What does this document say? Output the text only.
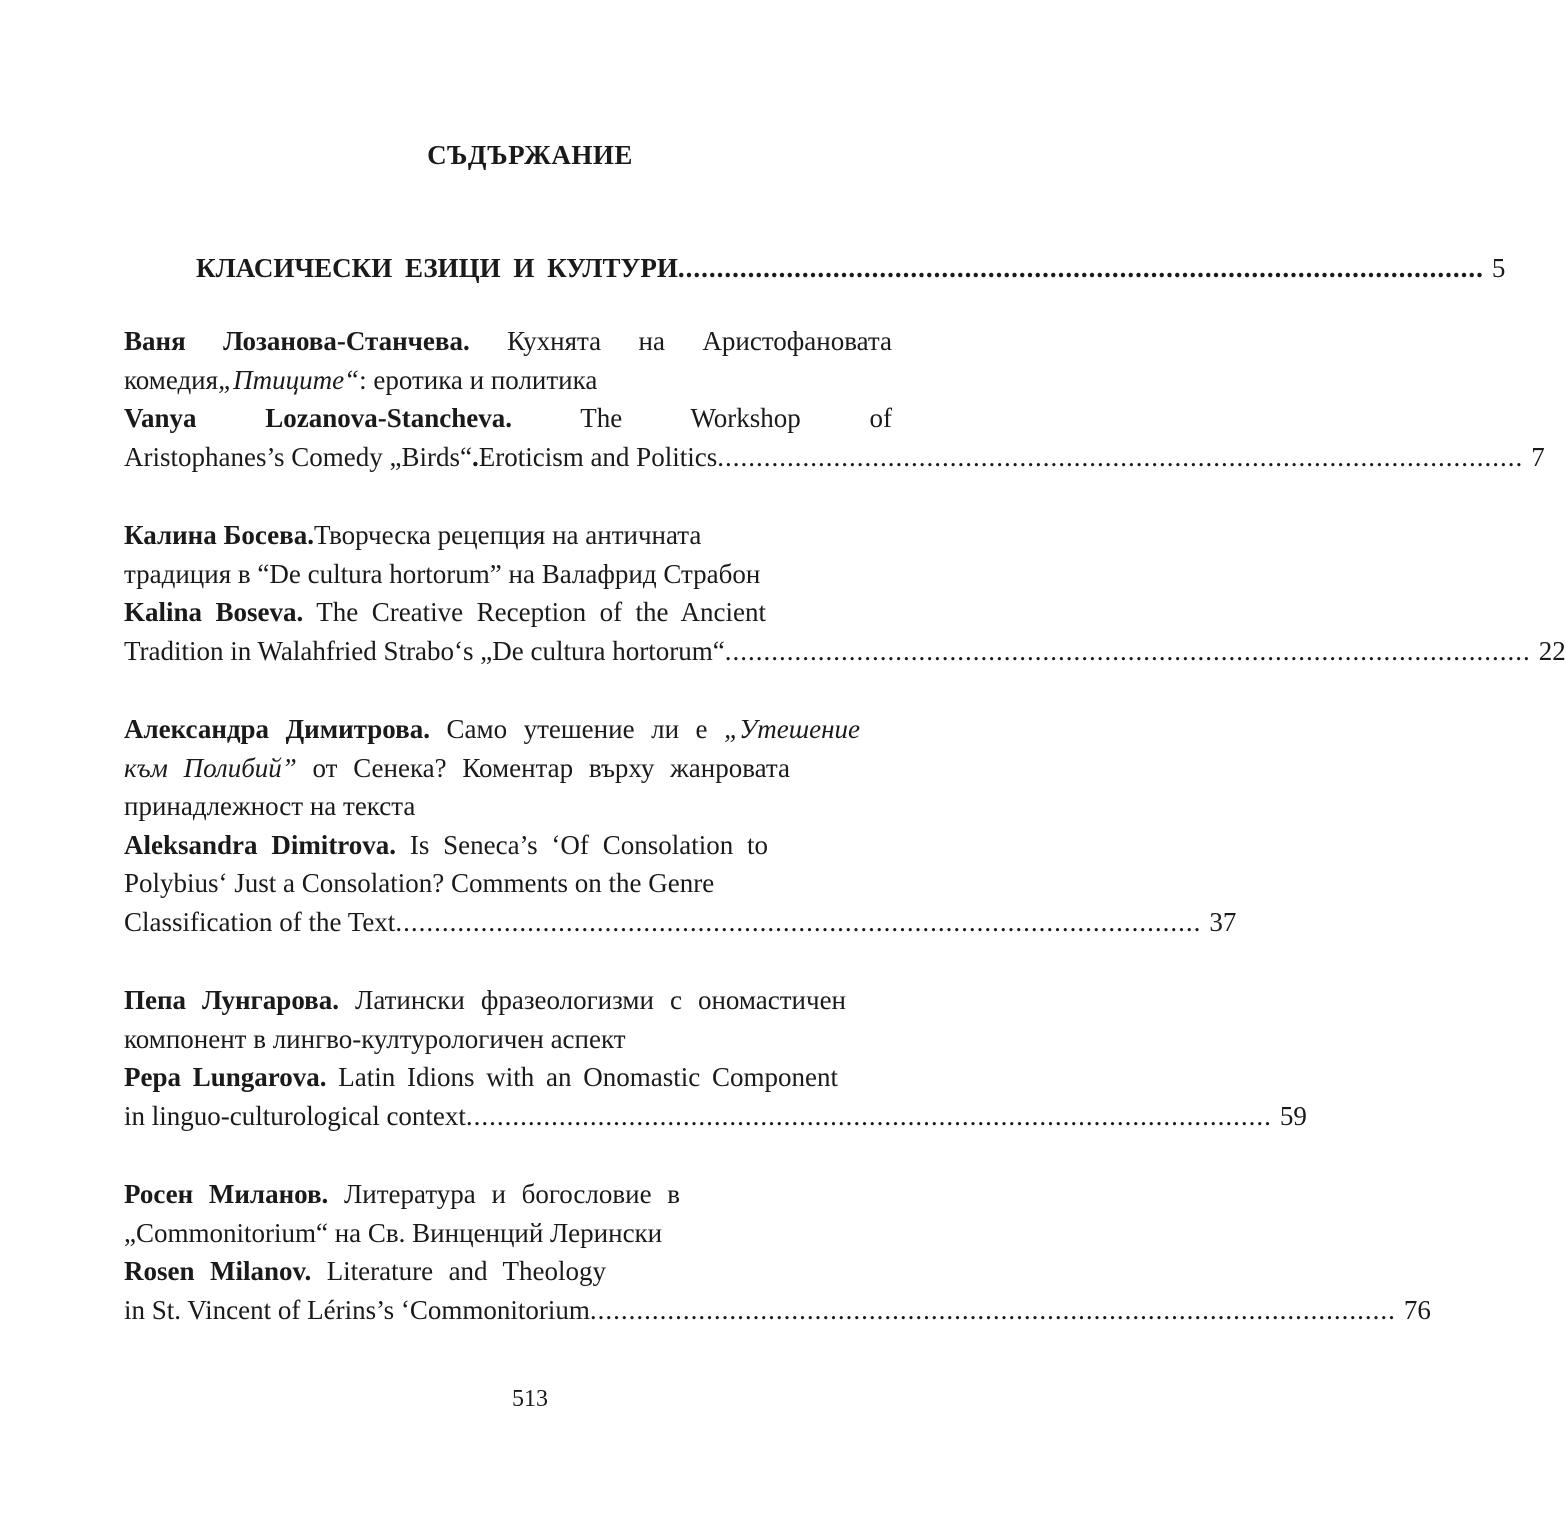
СЪДЪРЖАНИЕ
КЛАСИЧЕСКИ ЕЗИЦИ И КУЛТУРИ ........................................................................................................ 5
Ваня Лозанова-Станчева. Кухнята на Аристофановата
комедия „Птиците“ : еротика и политика
Vanya Lozanova-Stancheva. The Workshop of
Aristophanes’s Comedy „Birds“ . Eroticism and Politics ........................................................................................................ 7
Калина Босева. Творческа рецепция на античната
традиция в “De cultura hortorum” на Валафрид Страбон
Kalina Boseva. The Creative Reception of the Ancient
Tradition in Walahfried Strabo‘s „De cultura hortorum“ ........................................................................................................ 22
Александра Димитрова. Само утешение ли е „Утешение
към Полибий” от Сенека? Коментар върху жанровата
принадлежност на текста
Aleksandra Dimitrova. Is Seneca’s ‘Of Consolation to
Polybius‘ Just a Consolation? Comments on the Genre
Classification of the Text ........................................................................................................ 37
Пепа Лунгарова. Латински фразеологизми с ономастичен
компонент в лингво-културологичен аспект
Pepa Lungarova. Latin Idions with an Onomastic Component
in linguo-culturological context ........................................................................................................ 59
Росен Миланов. Литература и богословие в
„Commonitorium“ на Св. Винценций Лерински
Rosen Milanov. Literature and Theology
in St. Vincent of Lérins’s ‘Commonitorium ........................................................................................................ 76
513
